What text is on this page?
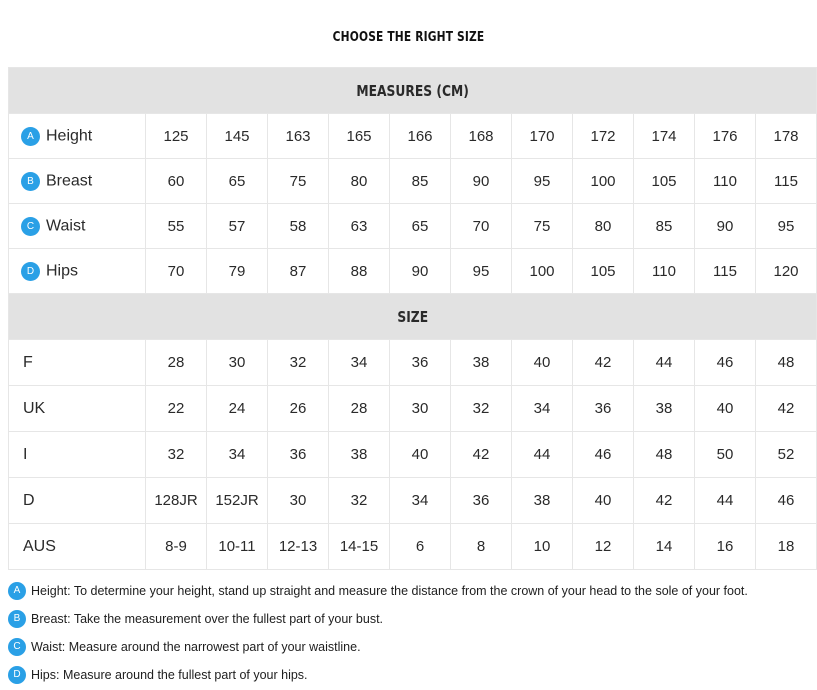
CHOOSE THE RIGHT SIZE
MEASURES (CM)											
A Height	125	145	163	165	166	168	170	172	174	176	178
B Breast	60	65	75	80	85	90	95	100	105	110	115
C Waist	55	57	58	63	65	70	75	80	85	90	95
D Hips	70	79	87	88	90	95	100	105	110	115	120
SIZE											
F	28	30	32	34	36	38	40	42	44	46	48
UK	22	24	26	28	30	32	34	36	38	40	42
I	32	34	36	38	40	42	44	46	48	50	52
D	128JR	152JR	30	32	34	36	38	40	42	44	46
AUS	8-9	10-11	12-13	14-15	6	8	10	12	14	16	18
A Height: To determine your height, stand up straight and measure the distance from the crown of your head to the sole of your foot.
B Breast: Take the measurement over the fullest part of your bust.
C Waist: Measure around the narrowest part of your waistline.
D Hips: Measure around the fullest part of your hips.
